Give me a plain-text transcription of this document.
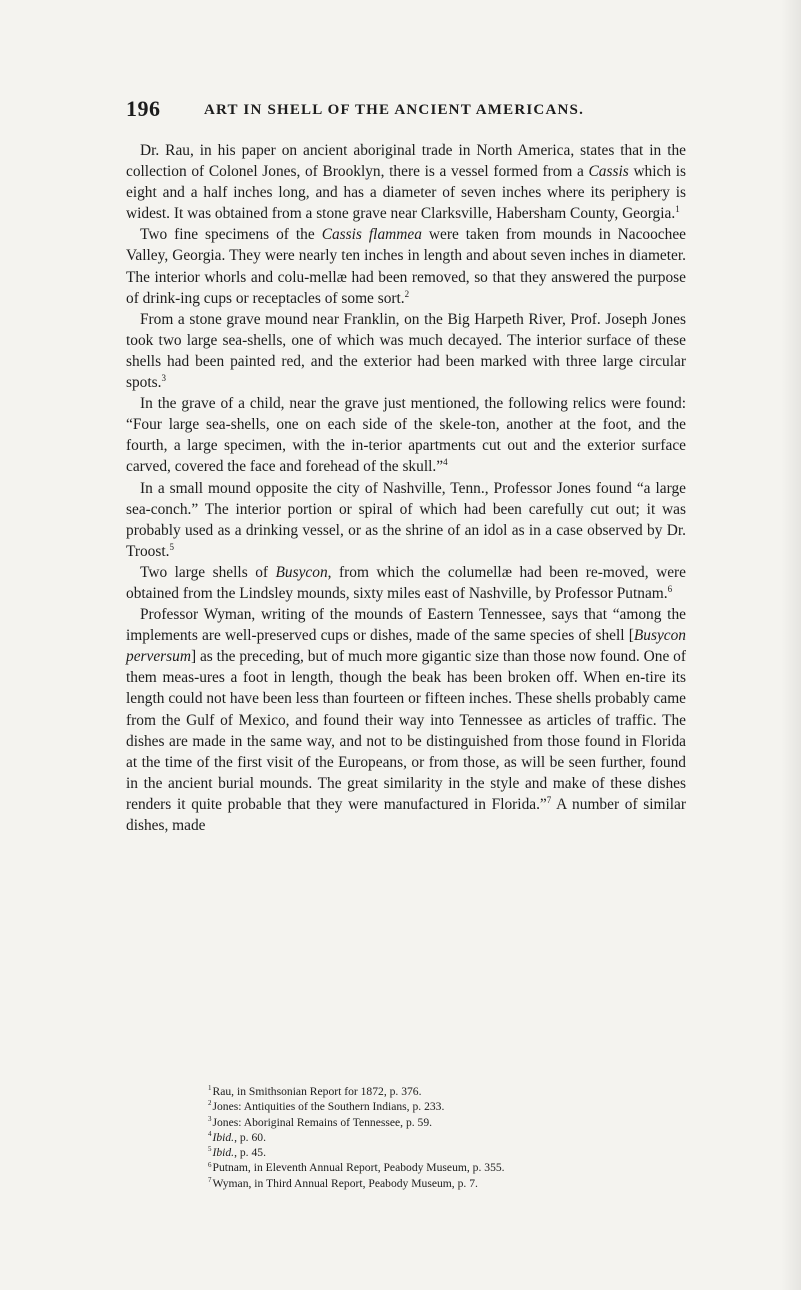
196	ART IN SHELL OF THE ANCIENT AMERICANS.

Dr. Rau, in his paper on ancient aboriginal trade in North America, states that in the collection of Colonel Jones, of Brooklyn, there is a vessel formed from a Cassis which is eight and a half inches long, and has a diameter of seven inches where its periphery is widest. It was obtained from a stone grave near Clarksville, Habersham County, Georgia.$^1$

Two fine specimens of the Cassis flammea were taken from mounds in Nacoochee Valley, Georgia. They were nearly ten inches in length and about seven inches in diameter. The interior whorls and colu-mellæ had been removed, so that they answered the purpose of drink-ing cups or receptacles of some sort.$^2$

From a stone grave mound near Franklin, on the Big Harpeth River, Prof. Joseph Jones took two large sea-shells, one of which was much decayed. The interior surface of these shells had been painted red, and the exterior had been marked with three large circular spots.$^3$

In the grave of a child, near the grave just mentioned, the following relics were found: “Four large sea-shells, one on each side of the skele-ton, another at the foot, and the fourth, a large specimen, with the in-terior apartments cut out and the exterior surface carved, covered the face and forehead of the skull.”$^4$

In a small mound opposite the city of Nashville, Tenn., Professor Jones found “a large sea-conch.” The interior portion or spiral of which had been carefully cut out; it was probably used as a drinking vessel, or as the shrine of an idol as in a case observed by Dr. Troost.$^5$

Two large shells of Busycon, from which the columellæ had been re-moved, were obtained from the Lindsley mounds, sixty miles east of Nashville, by Professor Putnam.$^6$

Professor Wyman, writing of the mounds of Eastern Tennessee, says that “among the implements are well-preserved cups or dishes, made of the same species of shell [Busycon perversum] as the preceding, but of much more gigantic size than those now found. One of them meas-ures a foot in length, though the beak has been broken off. When en-tire its length could not have been less than fourteen or fifteen inches. These shells probably came from the Gulf of Mexico, and found their way into Tennessee as articles of traffic. The dishes are made in the same way, and not to be distinguished from those found in Florida at the time of the first visit of the Europeans, or from those, as will be seen further, found in the ancient burial mounds. The great similarity in the style and make of these dishes renders it quite probable that they were manufactured in Florida.”$^7$ A number of similar dishes, made

$^1$Rau, in Smithsonian Report for 1872, p. 376.
$^2$Jones: Antiquities of the Southern Indians, p. 233.
$^3$Jones: Aboriginal Remains of Tennessee, p. 59.
$^4$Ibid., p. 60.
$^5$Ibid., p. 45.
$^6$Putnam, in Eleventh Annual Report, Peabody Museum, p. 355.
$^7$Wyman, in Third Annual Report, Peabody Museum, p. 7.
